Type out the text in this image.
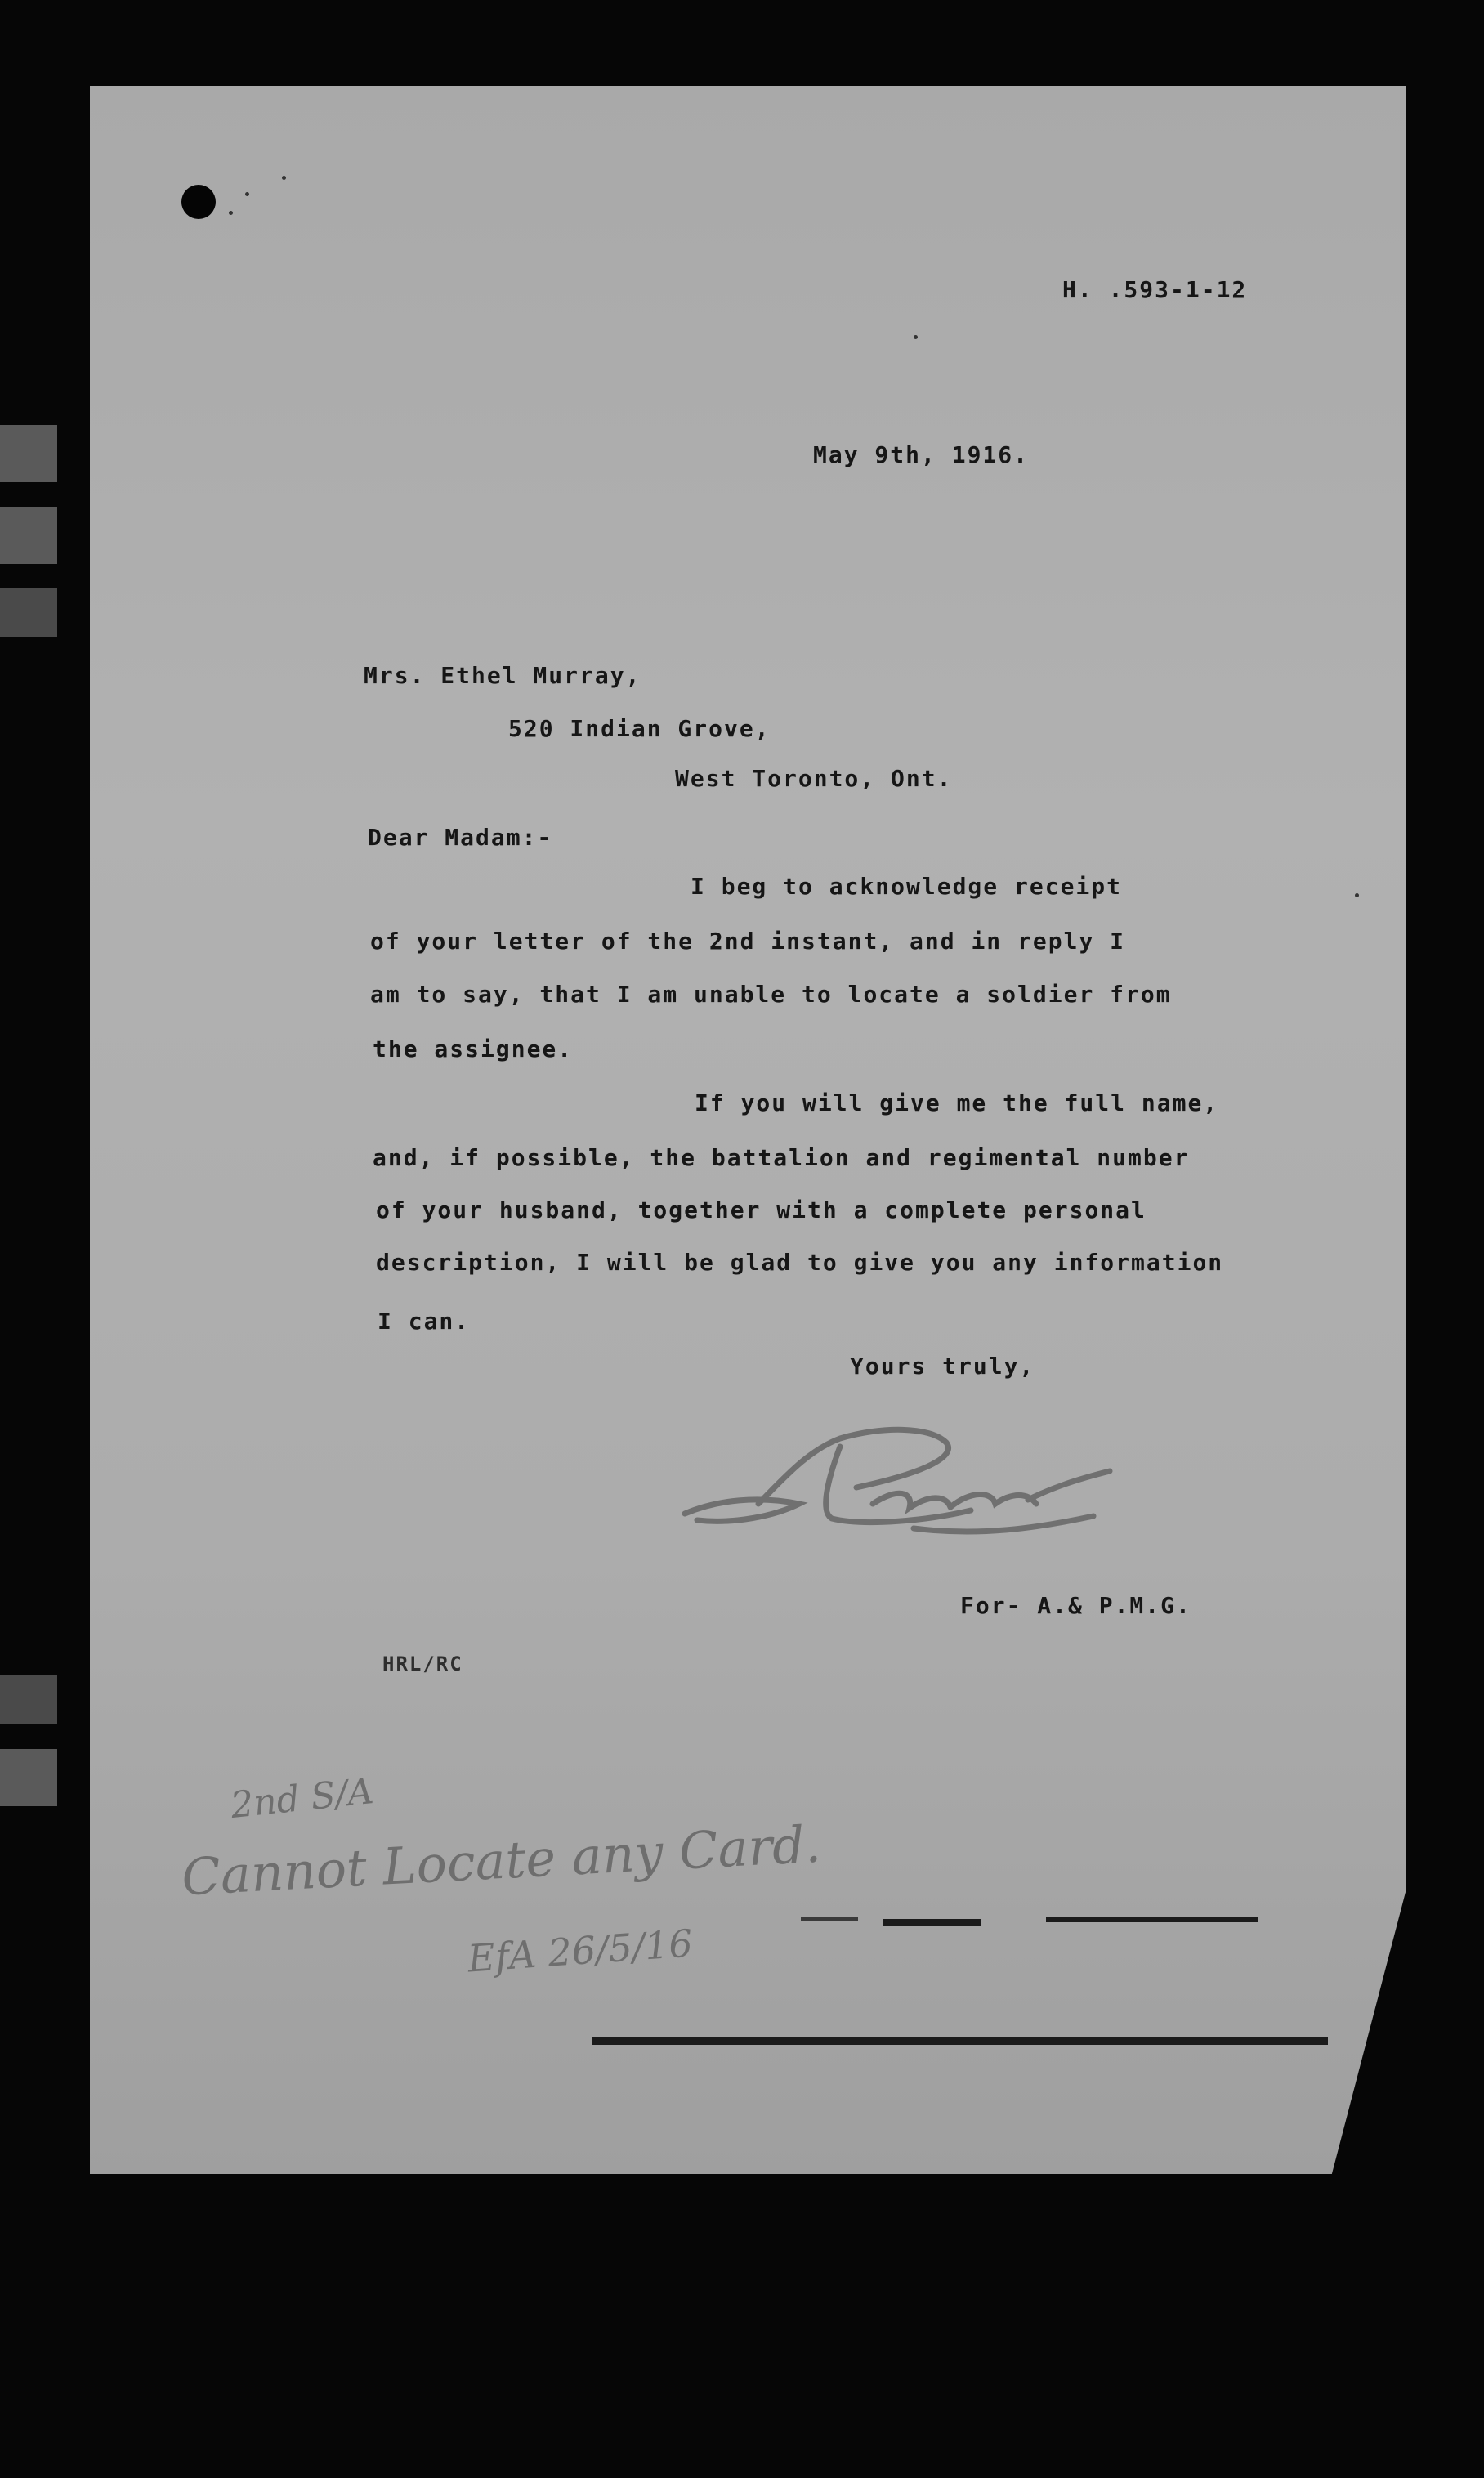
H. .593-1-12

May 9th, 1916.

Mrs. Ethel Murray,

520 Indian Grove,

West Toronto, Ont.

Dear Madam:-

I beg to acknowledge receipt

of your letter of the 2nd instant, and in reply I

am to say, that I am unable to locate a soldier from

the assignee.

If you will give me the full name,

and, if possible, the battalion and regimental number

of your husband, together with a complete personal

description, I will be glad to give you any information

I can.

Yours truly,

For- A.& P.M.G.

HRL/RC

2nd S/A

Cannot Locate any Card.

EfA 26/5/16
